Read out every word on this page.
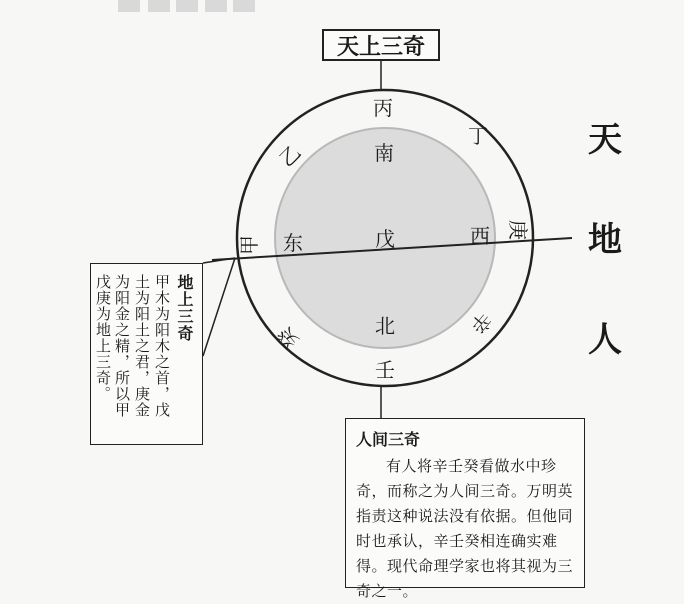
丙
丁
庚
辛
壬
癸
甲
乙	南
西
北
东	戊
天上三奇
天
地
人
地上三奇
甲木为阳木之首，戊
土为阳土之君，庚金
为阳金之精，所以甲
戊庚为地上三奇。
人间三奇
有人将辛壬癸看做水中珍奇，而称之为人间三奇。万明英指责这种说法没有依据。但他同时也承认，辛壬癸相连确实难得。现代命理学家也将其视为三奇之一。
